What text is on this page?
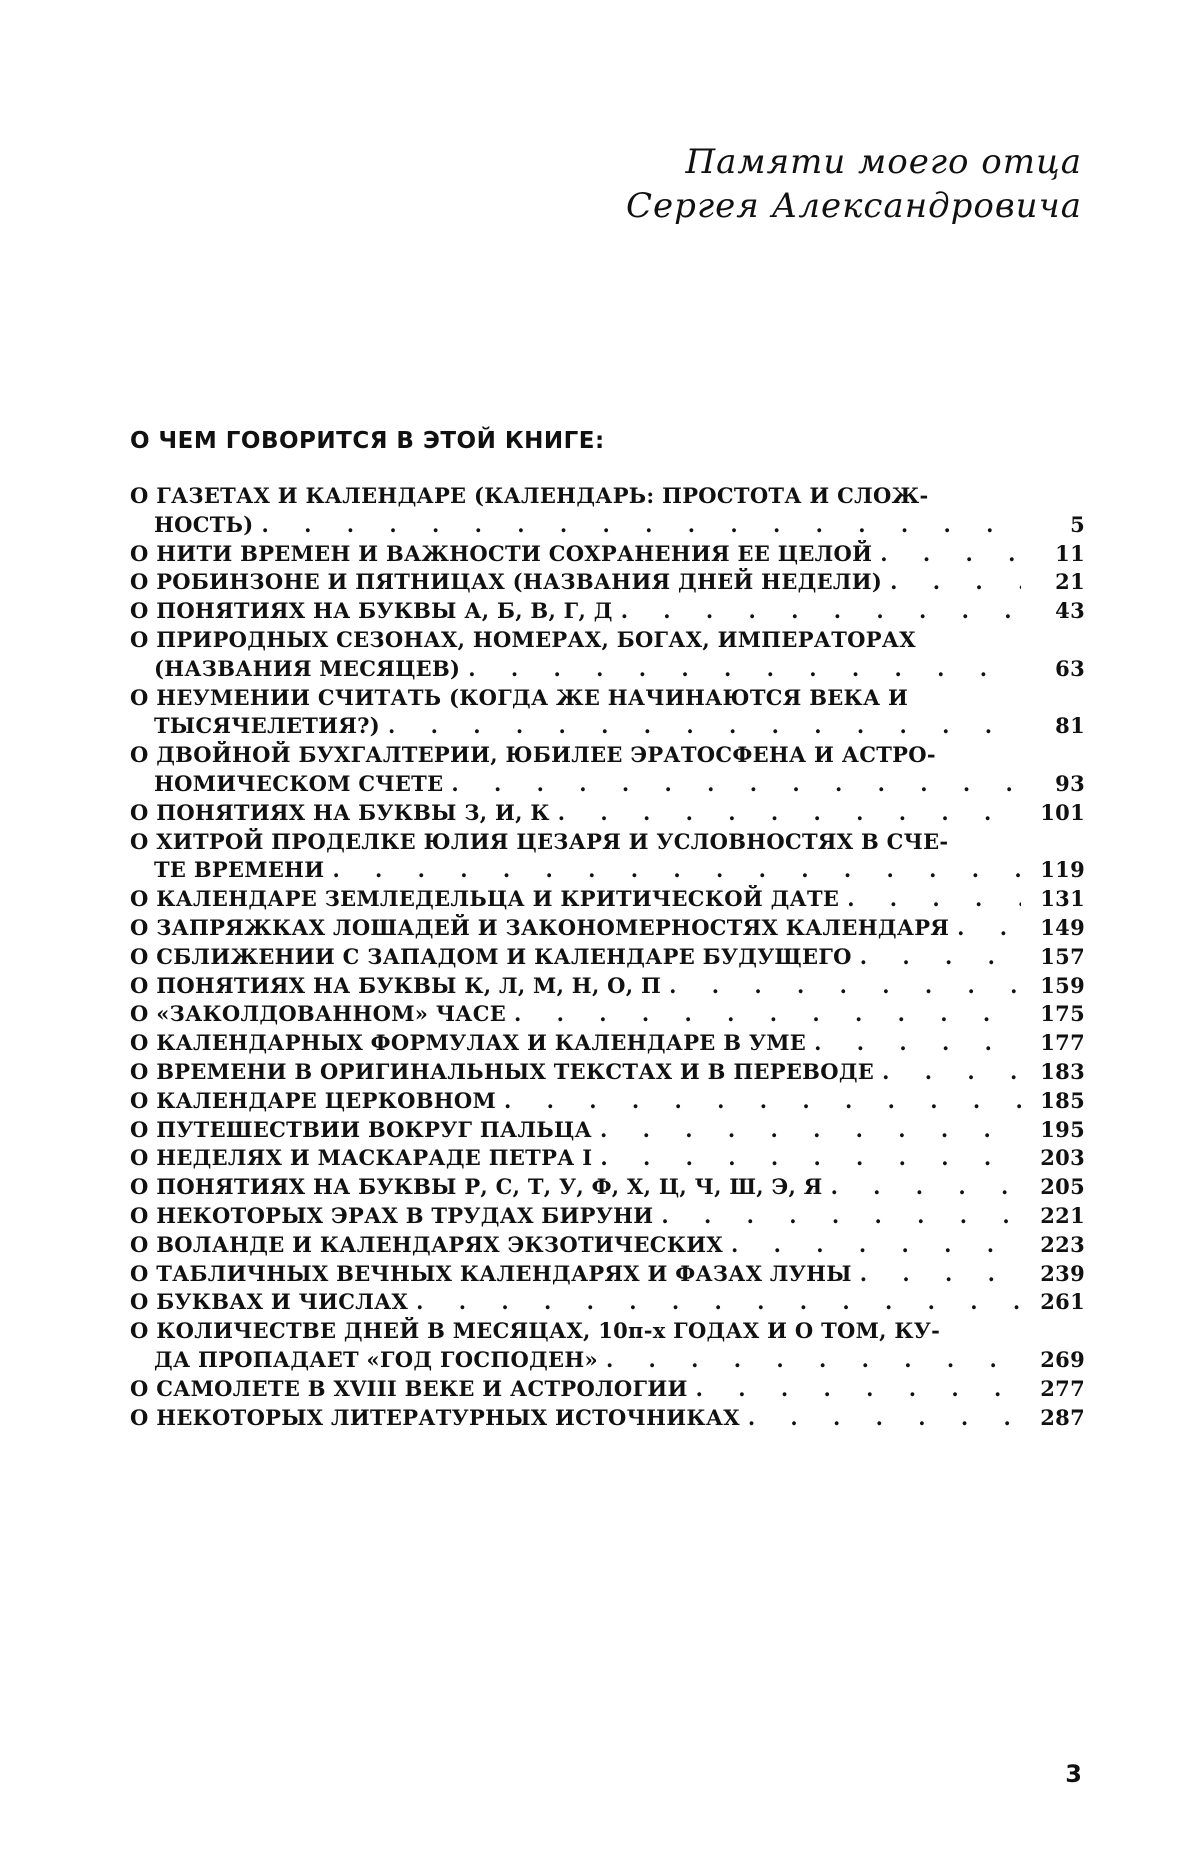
Памяти моего отца
Сергея Александровича
О ЧЕМ ГОВОРИТСЯ В ЭТОЙ КНИГЕ:
О ГАЗЕТАХ И КАЛЕНДАРЕ (КАЛЕНДАРЬ: ПРОСТОТА И СЛОЖ-
НОСТЬ) . . .	5
О НИТИ ВРЕМЕН И ВАЖНОСТИ СОХРАНЕНИЯ ЕЕ ЦЕЛОЙ . . .	11
О РОБИНЗОНЕ И ПЯТНИЦАХ (НАЗВАНИЯ ДНЕЙ НЕДЕЛИ) . . .	21
О ПОНЯТИЯХ НА БУКВЫ А, Б, В, Г, Д . . .	43
О ПРИРОДНЫХ СЕЗОНАХ, НОМЕРАХ, БОГАХ, ИМПЕРАТОРАХ
(НАЗВАНИЯ МЕСЯЦЕВ) . . .	63
О НЕУМЕНИИ СЧИТАТЬ (КОГДА ЖЕ НАЧИНАЮТСЯ ВЕКА И
ТЫСЯЧЕЛЕТИЯ?) . . .	81
О ДВОЙНОЙ БУХГАЛТЕРИИ, ЮБИЛЕЕ ЭРАТОСФЕНА И АСТРО-
НОМИЧЕСКОМ СЧЕТЕ . . .	93
О ПОНЯТИЯХ НА БУКВЫ З, И, К . . .	101
О ХИТРОЙ ПРОДЕЛКЕ ЮЛИЯ ЦЕЗАРЯ И УСЛОВНОСТЯХ В СЧЕ-
ТЕ ВРЕМЕНИ . . .	119
О КАЛЕНДАРЕ ЗЕМЛЕДЕЛЬЦА И КРИТИЧЕСКОЙ ДАТЕ . . .	131
О ЗАПРЯЖКАХ ЛОШАДЕЙ И ЗАКОНОМЕРНОСТЯХ КАЛЕНДАРЯ . . .	149
О СБЛИЖЕНИИ С ЗАПАДОМ И КАЛЕНДАРЕ БУДУЩЕГО . . .	157
О ПОНЯТИЯХ НА БУКВЫ К, Л, М, Н, О, П . . .	159
О «ЗАКОЛДОВАННОМ» ЧАСЕ . . .	175
О КАЛЕНДАРНЫХ ФОРМУЛАХ И КАЛЕНДАРЕ В УМЕ . . .	177
О ВРЕМЕНИ В ОРИГИНАЛЬНЫХ ТЕКСТАХ И В ПЕРЕВОДЕ . . .	183
О КАЛЕНДАРЕ ЦЕРКОВНОМ . . .	185
О ПУТЕШЕСТВИИ ВОКРУГ ПАЛЬЦА . . .	195
О НЕДЕЛЯХ И МАСКАРАДЕ ПЕТРА I . . .	203
О ПОНЯТИЯХ НА БУКВЫ Р, С, Т, У, Ф, Х, Ц, Ч, Ш, Э, Я . . .	205
О НЕКОТОРЫХ ЭРАХ В ТРУДАХ БИРУНИ . . .	221
О ВОЛАНДЕ И КАЛЕНДАРЯХ ЭКЗОТИЧЕСКИХ . . .	223
О ТАБЛИЧНЫХ ВЕЧНЫХ КАЛЕНДАРЯХ И ФАЗАХ ЛУНЫ . . .	239
О БУКВАХ И ЧИСЛАХ . . .	261
О КОЛИЧЕСТВЕ ДНЕЙ В МЕСЯЦАХ, 10п-х ГОДАХ И О ТОМ, КУ-
ДА ПРОПАДАЕТ «ГОД ГОСПОДЕН» . . .	269
О САМОЛЕТЕ В XVIII ВЕКЕ И АСТРОЛОГИИ . . .	277
О НЕКОТОРЫХ ЛИТЕРАТУРНЫХ ИСТОЧНИКАХ . . .	287
3
